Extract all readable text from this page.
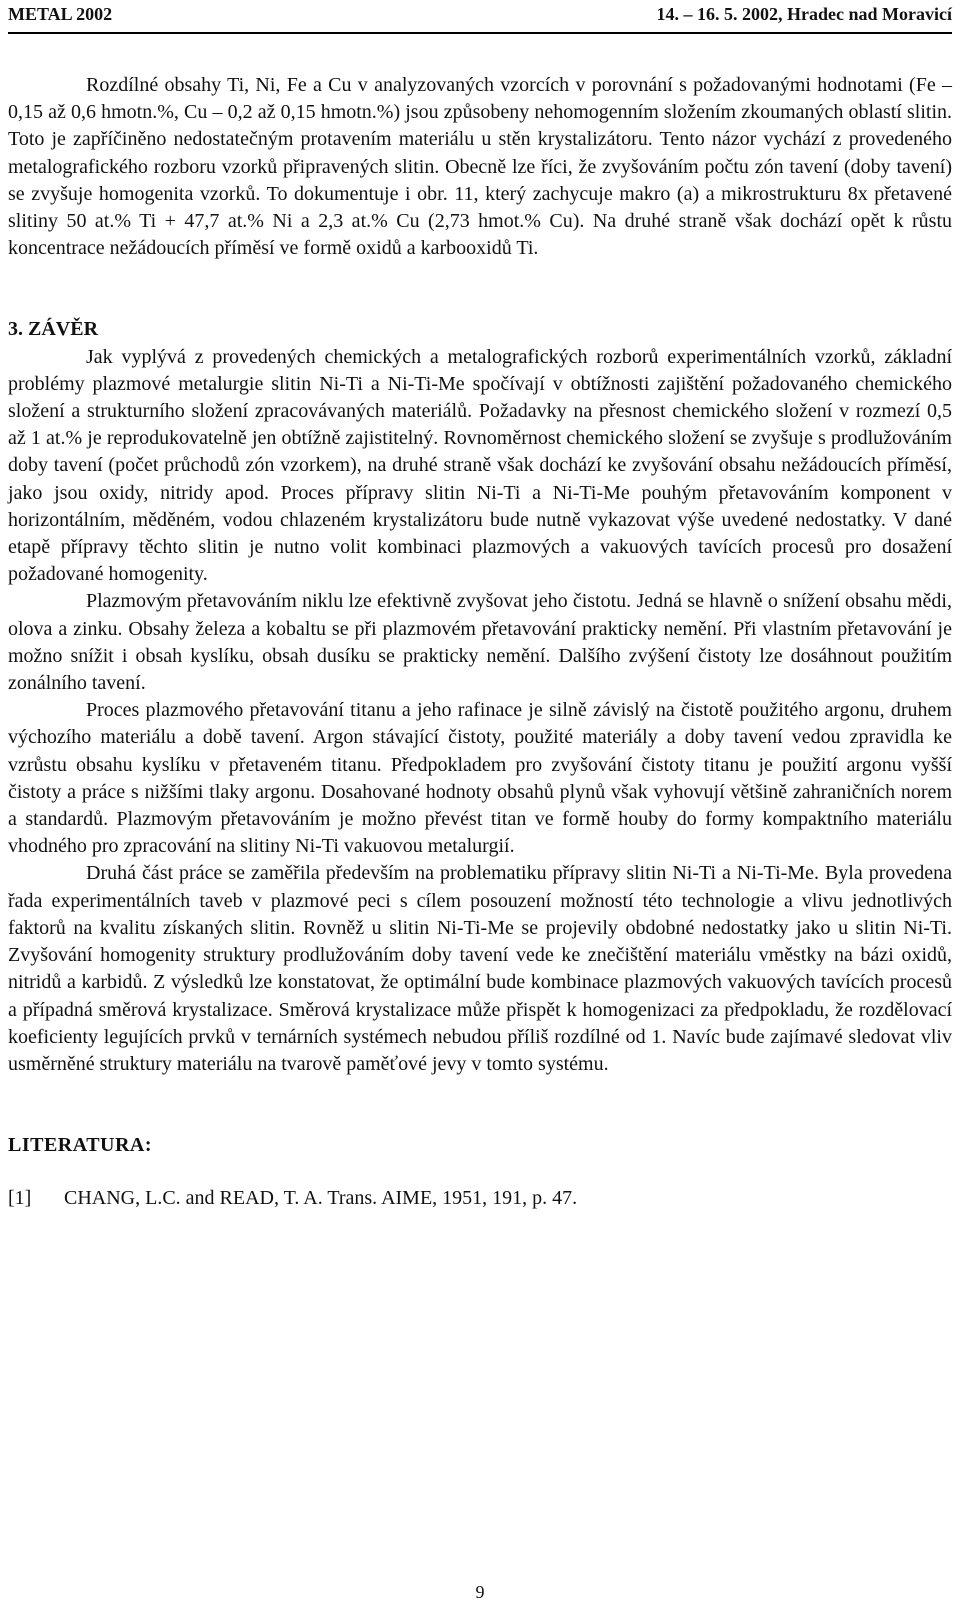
METAL 2002	14. – 16. 5. 2002, Hradec nad Moravicí

Rozdílné obsahy Ti, Ni, Fe a Cu v analyzovaných vzorcích v porovnání s požadovanými hodnotami (Fe – 0,15 až 0,6 hmotn.%, Cu – 0,2 až 0,15 hmotn.%) jsou způsobeny nehomogenním složením zkoumaných oblastí slitin. Toto je zapříčiněno nedostatečným protavením materiálu u stěn krystalizátoru. Tento názor vychází z provedeného metalografického rozboru vzorků připravených slitin. Obecně lze říci, že zvyšováním počtu zón tavení (doby tavení) se zvyšuje homogenita vzorků. To dokumentuje i obr. 11, který zachycuje makro (a) a mikrostrukturu 8x přetavené slitiny 50 at.% Ti + 47,7 at.% Ni a 2,3 at.% Cu (2,73 hmot.% Cu). Na druhé straně však dochází opět k růstu koncentrace nežádoucích příměsí ve formě oxidů a karbooxidů Ti.

3. ZÁVĚR

Jak vyplývá z provedených chemických a metalografických rozborů experimentálních vzorků, základní problémy plazmové metalurgie slitin Ni-Ti a Ni-Ti-Me spočívají v obtížnosti zajištění požadovaného chemického složení a strukturního složení zpracovávaných materiálů. Požadavky na přesnost chemického složení v rozmezí 0,5 až 1 at.% je reprodukovatelně jen obtížně zajistitelný. Rovnoměrnost chemického složení se zvyšuje s prodlužováním doby tavení (počet průchodů zón vzorkem), na druhé straně však dochází ke zvyšování obsahu nežádoucích příměsí, jako jsou oxidy, nitridy apod. Proces přípravy slitin Ni-Ti a Ni-Ti-Me pouhým přetavováním komponent v horizontálním, měděném, vodou chlazeném krystalizátoru bude nutně vykazovat výše uvedené nedostatky. V dané etapě přípravy těchto slitin je nutno volit kombinaci plazmových a vakuových tavících procesů pro dosažení požadované homogenity.

Plazmovým přetavováním niklu lze efektivně zvyšovat jeho čistotu. Jedná se hlavně o snížení obsahu mědi, olova a zinku. Obsahy železa a kobaltu se při plazmovém přetavování prakticky nemění. Při vlastním přetavování je možno snížit i obsah kyslíku, obsah dusíku se prakticky nemění. Dalšího zvýšení čistoty lze dosáhnout použitím zonálního tavení.

Proces plazmového přetavování titanu a jeho rafinace je silně závislý na čistotě použitého argonu, druhem výchozího materiálu a době tavení. Argon stávající čistoty, použité materiály a doby tavení vedou zpravidla ke vzrůstu obsahu kyslíku v přetaveném titanu. Předpokladem pro zvyšování čistoty titanu je použití argonu vyšší čistoty a práce s nižšími tlaky argonu. Dosahované hodnoty obsahů plynů však vyhovují většině zahraničních norem a standardů. Plazmovým přetavováním je možno převést titan ve formě houby do formy kompaktního materiálu vhodného pro zpracování na slitiny Ni-Ti vakuovou metalurgií.

Druhá část práce se zaměřila především na problematiku přípravy slitin Ni-Ti a Ni-Ti-Me. Byla provedena řada experimentálních taveb v plazmové peci s cílem posouzení možností této technologie a vlivu jednotlivých faktorů na kvalitu získaných slitin. Rovněž u slitin Ni-Ti-Me se projevily obdobné nedostatky jako u slitin Ni-Ti. Zvyšování homogenity struktury prodlužováním doby tavení vede ke znečištění materiálu vměstky na bázi oxidů, nitridů a karbidů. Z výsledků lze konstatovat, že optimální bude kombinace plazmových vakuových tavících procesů a případná směrová krystalizace. Směrová krystalizace může přispět k homogenizaci za předpokladu, že rozdělovací koeficienty legujících prvků v ternárních systémech nebudou příliš rozdílné od 1. Navíc bude zajímavé sledovat vliv usměrněné struktury materiálu na tvarově paměťové jevy v tomto systému.

LITERATURA:
[1] CHANG, L.C. and READ, T. A. Trans. AIME, 1951, 191, p. 47.
9
